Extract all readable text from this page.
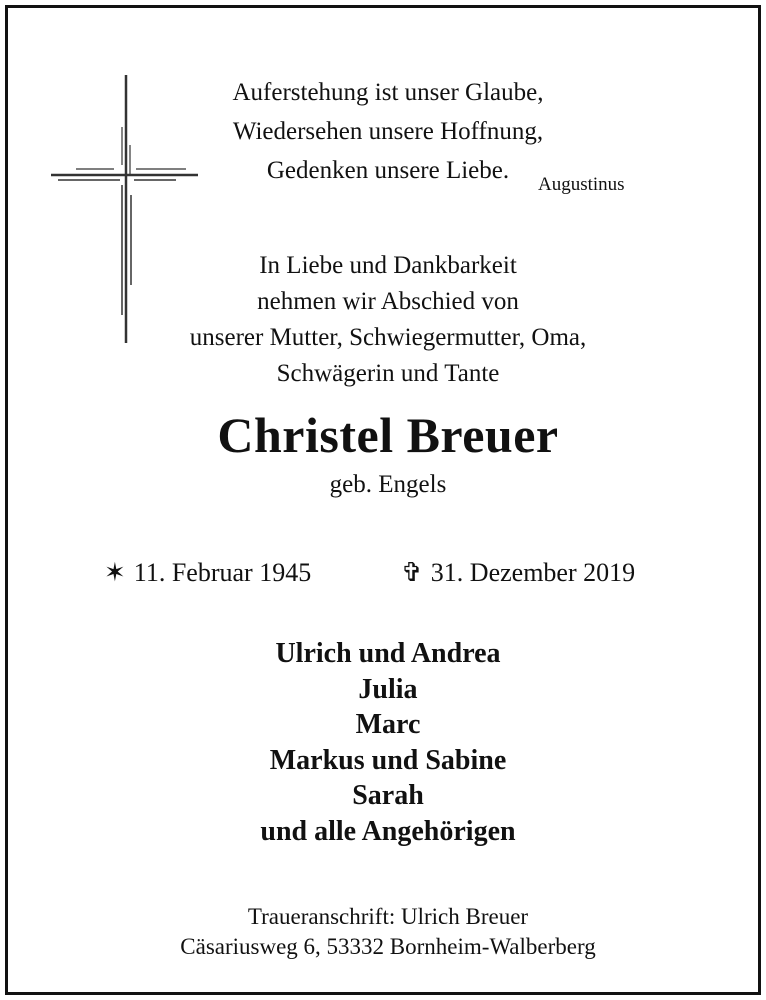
Auferstehung ist unser Glaube,
Wiedersehen unsere Hoffnung,
Gedenken unsere Liebe.
Augustinus
In Liebe und Dankbarkeit
nehmen wir Abschied von
unserer Mutter, Schwiegermutter, Oma,
Schwägerin und Tante
Christel Breuer
geb. Engels
✶ 11. Februar 1945	✞ 31. Dezember 2019
Ulrich und Andrea
Julia
Marc
Markus und Sabine
Sarah
und alle Angehörigen
Traueranschrift: Ulrich Breuer
Cäsariusweg 6, 53332 Bornheim-Walberberg
